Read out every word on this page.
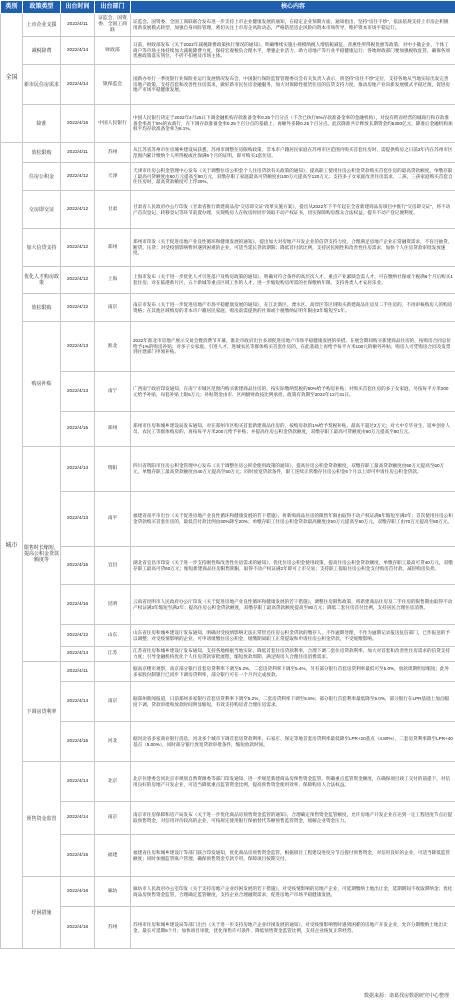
类别	政策类型	出台时间	出台部门	核心内容
全国	上市企业支援	2022/4/11	证监会、国资委、全国工商联	证监会、国资委、全国工商联联合发布进一步支持上市企业健康发展的通知，在稳定企业预期方面，通知指出，坚持“房住不炒”，依法依规支持上市房企积极用新发展模式转型，加强自身风险管理，密切关注上市房企风险动态，严格防范房企风险向资本市场传导，维护资本市场平稳运行。
	减税降费	2022/4/14	财政部	日前，财政部发布《关于2022年减税降费政策执行情况的通知》，明确继续实施小规模纳税人增值税减征、普惠性所得税优惠等政策，对中小微企业、个体工商户等市场主体持续加大减税降费力度，保持宏观税负合理水平，增强企业活力，助力房地产等行业平稳健康运行；各地财政部门要加强税收征管，确保各项优惠政策落实到位，不折不扣惠及市场主体。
	新市民住房需求	2022/4/14	银保监会	国新办举行一季度银行业保险业运行发展情况发布会，中国银行保险监督管理委员会有关负责人表示，将坚持“房住不炒”定位，支持各地从当地实际出发完善房地产政策，支持首套和改善性住房需求，做好新市民住房金融服务，加大对保障性租赁住房的信贷支持力度，推动房地产业向新发展模式平稳过渡，促进房地产市场平稳健康发展。
	降准	2022/4/15	中国人民银行	中国人民银行决定于2022年4月25日下调金融机构存款准备金率0.25个百分点（不含已执行5%存款准备金率的金融机构），对没有跨省经营的城商行和存款准备金率高于5%的农商行，在下调存款准备金率0.25个百分点的基础上，再额外多降0.25个百分点。此次降准共计释放长期资金约5300亿元，降准后金融机构加权平均存款准备金率为8.1%。
城市	放松限购	2022/4/11	苏州	从江苏省苏州市住房城乡建设局获悉，苏州市调整住房限购政策，非本市户籍居民家庭在苏州市区范围内购买首套住房时，需提供购房之日前2年内在苏州市区范围内累计缴纳个人所得税或社保满6个月的证明，即可购买1套住房。
	住房公积金	2022/4/12	天津	天津市住房公积金管理中心发布《关于调整住房公积金个人住房贷款有关政策的通知》，提高职工使用住房公积金贷款购买首套住房的最高贷款额度，单缴存职工最高可贷额度由60万元提高至80万元，双缴存职工家庭最高可贷额度由100万元提高至120万元；支持多子女家庭改善住房需求，二孩、三孩家庭购买首套自住住房时，最高贷款额度可上浮20%。
	交房即交证	2022/4/12	甘肃	甘肃省人民政府办公厅印发《甘肃省推行新建商品房“交房即交证”改革实施方案》，提出从2022年下半年起在全省新建商品房项目中推行“交房即交证”，将不动产首次登记、转移登记等环节前置办理，实现购房人在收房时同步领取不动产权证书，切实保障购房群众合法权益，提升不动产登记便利度。
	加大信贷支持	2022/4/12	郑州	郑州市印发《关于促进房地产业良性循环和健康发展的通知》，提出加大对房地产开发企业的信贷支持力度，合理满足房地产企业正常融资需求，不盲目抽贷、断贷、压贷；对受疫情影响暂时遇到困难的企业，可适当延长贷款期限；降低首付款比例，支持居民刚性和改善性住房需求，加快个人住房贷款审批发放速度。
	优化人才购房政策	2022/4/12	上海	上海市发布《关于进一步优化人才引进落户及购房政策的通知》，明确对符合条件的高层次人才、重点产业紧缺急需人才，可在缴纳社保或个税满6个月后购买1套住房；对在临港新片区、五个新城等重点区域工作的人才，进一步缩短购房所需的社保缴纳年限，支持各类人才安居乐业。
	放松限购	2022/4/12	南京	南京市发布《关于进一步促进房地产市场平稳健康发展的通知》，在江北新区、溧水区、高淳区等区域购买新建商品住房及二手住房的，不再审核购房人的购房资格；在其他区域购房的非本市户籍居民家庭，购房前需提供的社保或个税缴纳证明年限由2年缩短至1年。
	购房补贴	2022/4/13	淮北	2022年淮北市房地产展示交易会暨消费节开幕，淮北市政府出台多项促进房地产市场平稳健康发展的举措。在展会期间购买新建商品住房的，按购房合同总价给予1%的购房补贴；对多子女家庭、引进人才、进城农民等群体购买首套住房的，在此基础上再给予每平方米100元的额外补贴；购房人可凭购房合同及发票到住建部门申领补贴。
		2022/4/13	南宁	广西南宁政府印发通知，在南宁市城区范围内购买新建商品住房的，按实际缴纳契税的50%给予购房补贴；对购买首套住房的多子女家庭，另按每平方米200元给予补贴，每套补贴上限5万元；补贴资金由市、区两级财政按比例承担，政策有效期至2022年12月31日。
		2022/4/15	郑州	郑州市住房和城乡建设局发布通知，对在郑州市区购买首套新建商品住房的，按购房款的1%给予契税补贴，最高不超过2万元；对大中专毕业生、返乡创业人员、农民工等群体购房的，再按每平方米200元给予补贴；并提高住房公积金贷款额度，双缴存职工最高可贷额度由60万元提高至80万元。
	限售时长缩短，提高公积金贷款额度等	2022/4/13	资阳	四川省资阳市住房公积金管理中心发布《关于调整住房公积金使用政策的通知》，提高住房公积金贷款额度，双缴存职工最高贷款额度由50万元提高至60万元，单缴存职工最高贷款额度由40万元提高至50万元；同时放宽贷款条件，职工连续正常缴存住房公积金6个月以上即可申请住房公积金贷款。
		2022/4/13	南平	福建省南平市出台《关于促进房地产业良性循环和健康发展的若干措施》，将新购商品住房的限售年限由取得不动产权证满5年缩短至满2年；首次使用住房公积金贷款购买首套住房的，最低首付款比例由30%降至20%；单缴存职工住房公积金贷款最高额度由50万元提高至60万元，双缴存职工由70万元提高至80万元。
		2022/4/15	宜昌	湖北省宜昌市印发《关于进一步支持刚性和改善性住房需求的通知》，优化住房公积金使用政策，提高住房公积金贷款额度，单缴存职工最高可贷40万元，双缴存职工最高可贷60万元；缩短新建商品住房限售期限，取得不动产权证满2年即可上市交易；支持职工提取住房公积金支付购房首付款，减轻购房负担。
		2022/4/16	昆明	云南省昆明市人民政府办公厅印发《关于促进房地产业良性循环和健康发展的若干措施》，调整住房限售政策，将新建商品住房及二手住房的限售期由取得不动产权证满3年缩短至满2年；提高住房公积金贷款额度，双缴存职工最高贷款额度提高至80万元；降低二套住房首付比例，支持居民合理住房消费。
		2022/4/12	山东	山东省住房和城乡建设厅发布通知，明确对受疫情影响无法正常偿还住房公积金贷款的缴存人，不作逾期处理，不作为逾期记录报送征信部门，已作报送的予以调整；对受疫情影响的企业，可申请缓缴住房公积金，缓缴期间职工正常提取和申请住房公积金贷款，不受缓缴影响。
		2022/4/14	江苏	江苏省住房和城乡建设厅发布通知，支持各地根据当地实际，降低首套住房贷款利率，合理下调二套住房贷款利率，加大对首套和改善性住房需求的信贷支持力度；引导金融机构优化个人住房贷款审批流程，缩短放款周期，满足购房人合理住房消费需求。
	下调房贷利率	2022/4/11		据南京楼市观察，南京部分银行首套房贷利率下调至5.2%，二套房贷利率下调至5.4%，另有部分银行首套房贷利率最低可至5.0%，放款周期明显缩短；此外多家股份制银行已同步下调房贷利率，部分银行可在一个月内完成放款。
		2022/4/14	南京	据郑州新闻报道，日前郑州多家银行首套房贷利率下调至5.2%，二套房贷利率下调至5.5%；部分银行首套利率最低降至5.0%，部分银行在LPR基础上加点幅度下调，贷款审批和放款时间明显缩短，有效支持购房者合理住房需求。
		2022/4/15	河北	据河北省多家商业银行消息，河北多个城市下调首套房贷款利率，石家庄、保定等地首套房贷利率最低降至LPR+20基点（4.80%），二套房贷利率降至LPR+40基点（5.00%），同时部分银行放宽贷款审批条件，缩短放款时间。
	预售资金监管	2022/4/14	北京	北京住建委会同北京市规划自然资源委等部门印发通知，进一步规范新建商品房预售资金监管，明确重点监管资金额度，在确保项目竣工交付的前提下，对信用良好的房地产开发企业，可适当降低重点监管资金比例，提高预售资金使用效率，保障购房人合法权益。
		2022/4/14	南京	南京市住房保障和房产局发布《关于进一步优化商品房预售资金监管的通知》，合理确定预售资金监管额度，允许房地产开发企业在达到一定工程进度节点后提取预售资金，对信用评价较高的企业，可按规定使用银行保函替代等额预售监管资金，缓解企业资金压力。
		2022/4/15	福建	福建省住房和城乡建设厅等部门联合印发通知，优化商品房预售资金监管，根据项目工程建设进度分节点拨付预售资金，对信用良好的企业，可适当降低监管额度；同时加强监管账户管理，确保预售资金专款专用，保障项目按期交付。
	纾困措施	2022/4/16	廊坊	廊坊市人民政府办公室印发《关于支持房地产企业纾困发展的若干措施》，对受疫情影响的房地产企业，可延期缴纳土地出让金，延期期间不收取滞纳金；优化商品房预售资金监管，合理确定监管额度，支持企业合理融资需求，促进房地产市场平稳健康发展。
		2022/4/16	苏州	苏州市住房和城乡建设局等部门出台《关于进一步支持房地产企业纾困发展的通知》，对受疫情影响暂时遇到困难的房地产开发企业，允许分期缴纳土地出让金，最长可延期6个月；加快项目审批，优化预售许可条件，降低预售资金监管比例，支持企业恢复正常经营。
数据来源：诸葛找房数据研究中心整理
